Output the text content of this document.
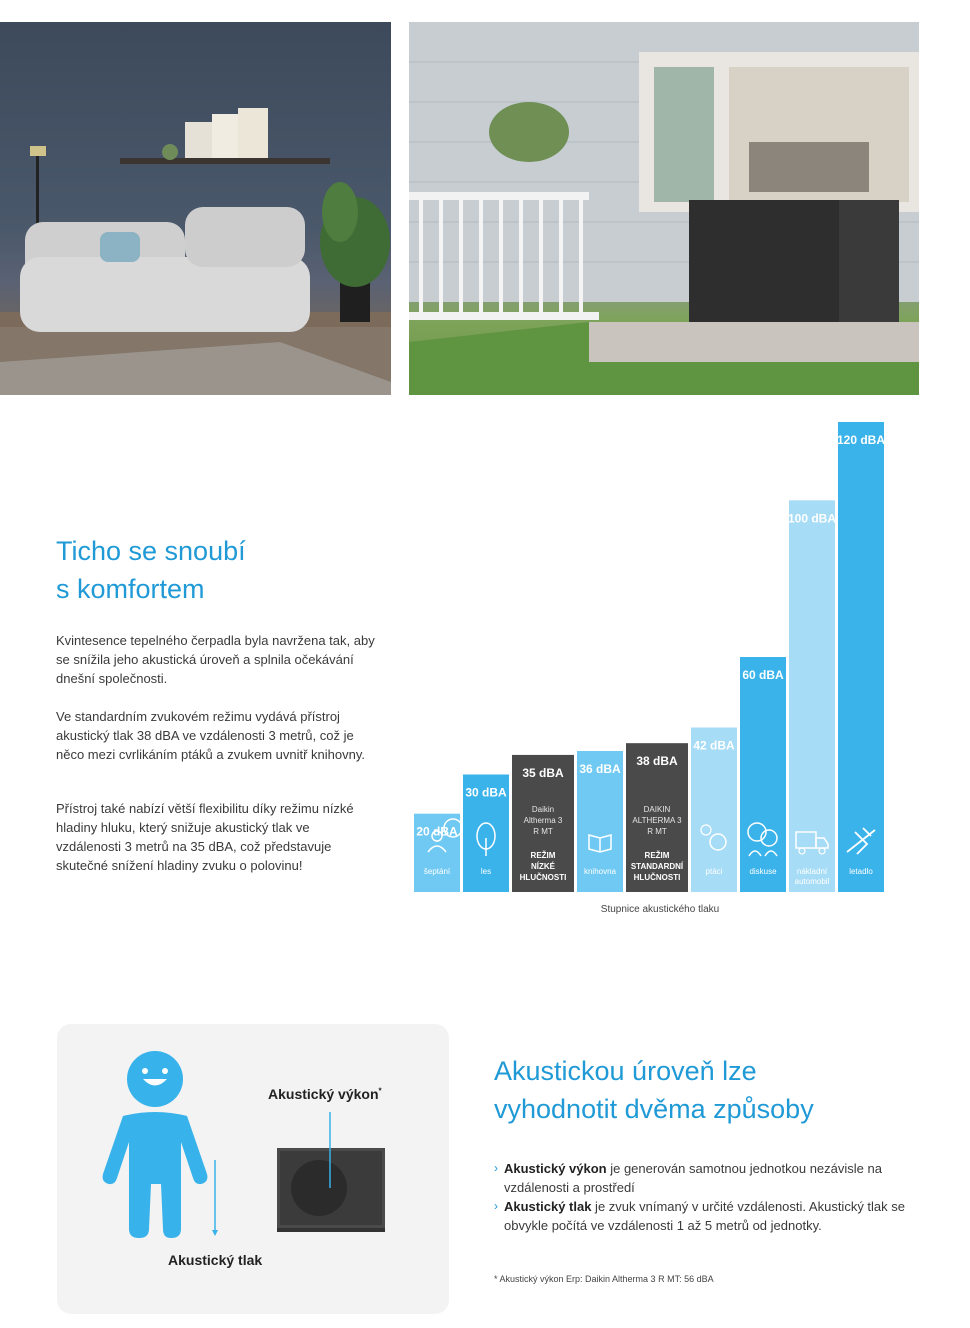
Ticho se snoubí
s komfortem

Kvintesence tepelného čerpadla byla navržena tak, aby se snížila jeho akustická úroveň a splnila očekávání dnešní společnosti.

Ve standardním zvukovém režimu vydává přístroj akustický tlak 38 dBA ve vzdálenosti 3 metrů, což je něco mezi cvrlikáním ptáků a zvukem uvnitř knihovny.

Přístroj také nabízí větší flexibilitu díky režimu nízké hladiny hluku, který snižuje akustický tlak ve vzdálenosti 3 metrů na 35 dBA, což představuje skutečné snížení hladiny zvuku o polovinu!

20 dBA
šeptání
30 dBA
les
35 dBA
Daikin
Altherma 3
R MT
REŽIM
NÍZKÉ
HLUČNOSTI
36 dBA
knihovna
38 dBA
DAIKIN
ALTHERMA 3
R MT
REŽIM
STANDARDNÍ
HLUČNOSTI
42 dBA
ptáci
60 dBA
diskuse
100 dBA
nákladní
automobil
120 dBA
letadlo
Stupnice akustického tlaku
Akustický výkon*
Akustický tlak
Akustickou úroveň lze
vyhodnotit dvěma způsoby
› Akustický výkon je generován samotnou jednotkou nezávisle na vzdálenosti a prostředí
› Akustický tlak je zvuk vnímaný v určité vzdálenosti. Akustický tlak se obvykle počítá ve vzdálenosti 1 až 5 metrů od jednotky.
* Akustický výkon Erp: Daikin Altherma 3 R MT: 56 dBA
